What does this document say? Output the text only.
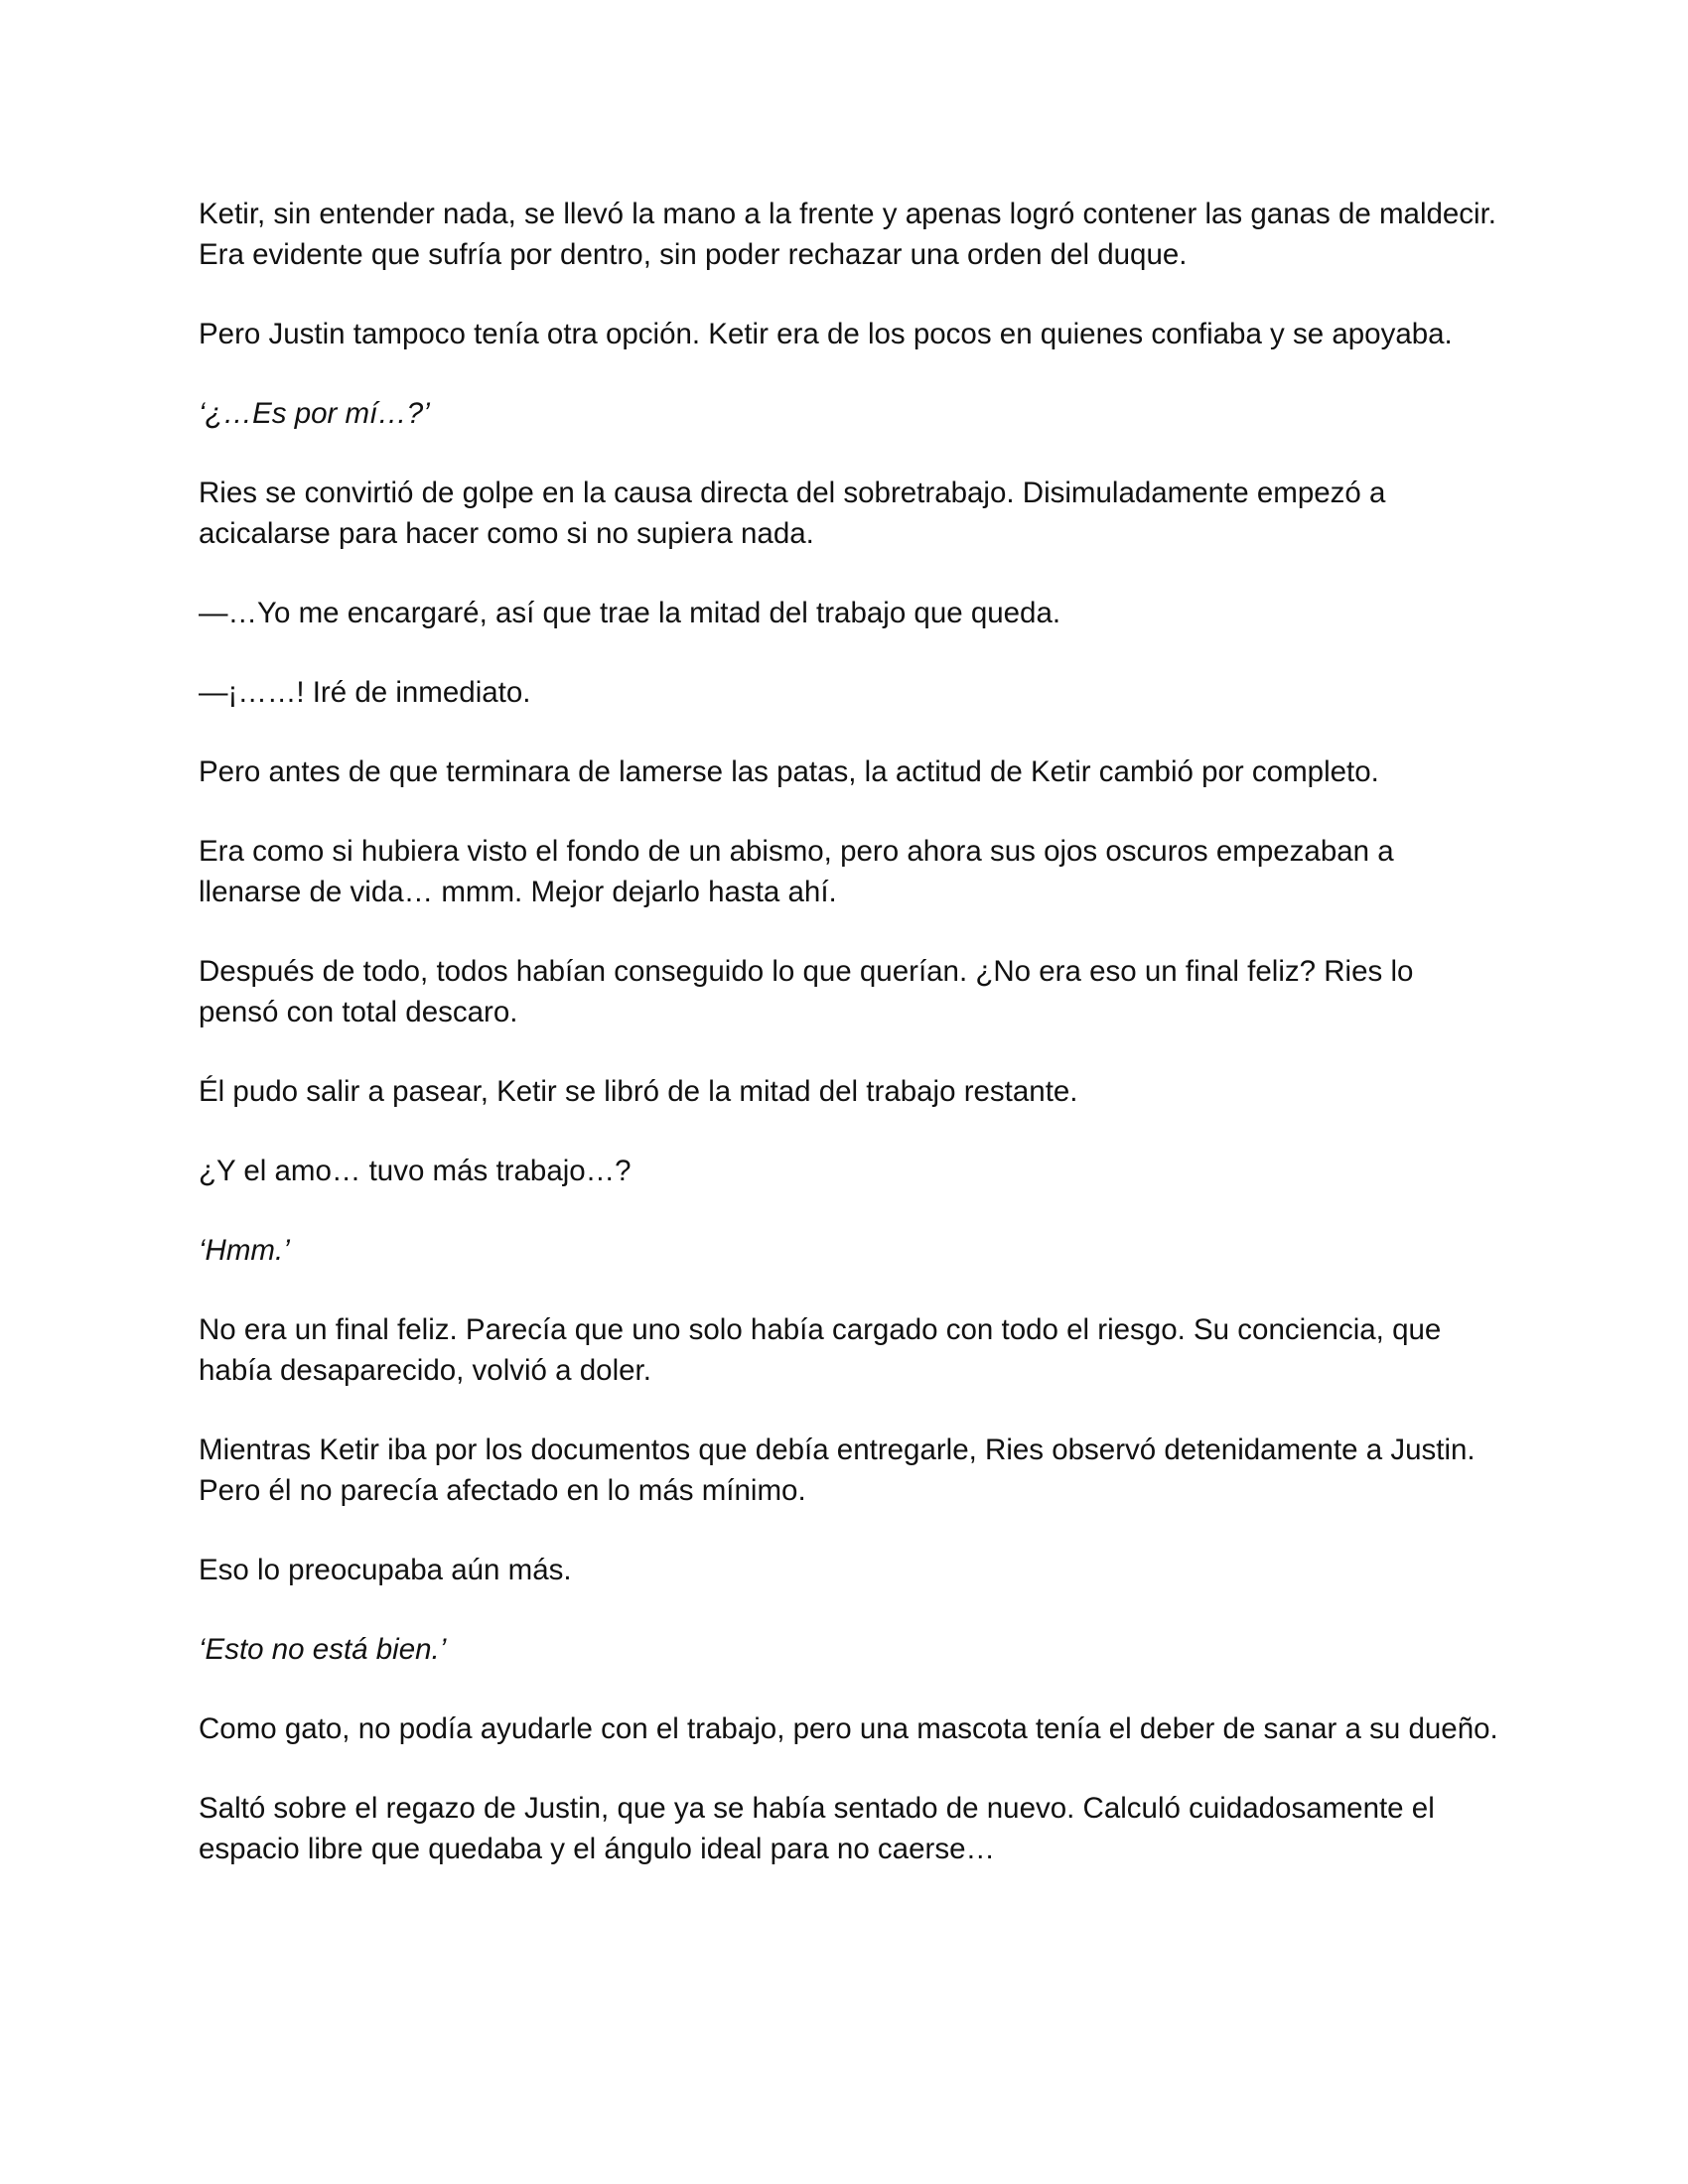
Ketir, sin entender nada, se llevó la mano a la frente y apenas logró contener las ganas de maldecir. Era evidente que sufría por dentro, sin poder rechazar una orden del duque.

Pero Justin tampoco tenía otra opción. Ketir era de los pocos en quienes confiaba y se apoyaba.

‘¿…Es por mí…?’

Ries se convirtió de golpe en la causa directa del sobretrabajo. Disimuladamente empezó a acicalarse para hacer como si no supiera nada.

—…Yo me encargaré, así que trae la mitad del trabajo que queda.

—¡……! Iré de inmediato.

Pero antes de que terminara de lamerse las patas, la actitud de Ketir cambió por completo.

Era como si hubiera visto el fondo de un abismo, pero ahora sus ojos oscuros empezaban a llenarse de vida… mmm. Mejor dejarlo hasta ahí.

Después de todo, todos habían conseguido lo que querían. ¿No era eso un final feliz? Ries lo pensó con total descaro.

Él pudo salir a pasear, Ketir se libró de la mitad del trabajo restante.

¿Y el amo… tuvo más trabajo…?

‘Hmm.’

No era un final feliz. Parecía que uno solo había cargado con todo el riesgo. Su conciencia, que había desaparecido, volvió a doler.

Mientras Ketir iba por los documentos que debía entregarle, Ries observó detenidamente a Justin. Pero él no parecía afectado en lo más mínimo.

Eso lo preocupaba aún más.

‘Esto no está bien.’

Como gato, no podía ayudarle con el trabajo, pero una mascota tenía el deber de sanar a su dueño.

Saltó sobre el regazo de Justin, que ya se había sentado de nuevo. Calculó cuidadosamente el espacio libre que quedaba y el ángulo ideal para no caerse…
